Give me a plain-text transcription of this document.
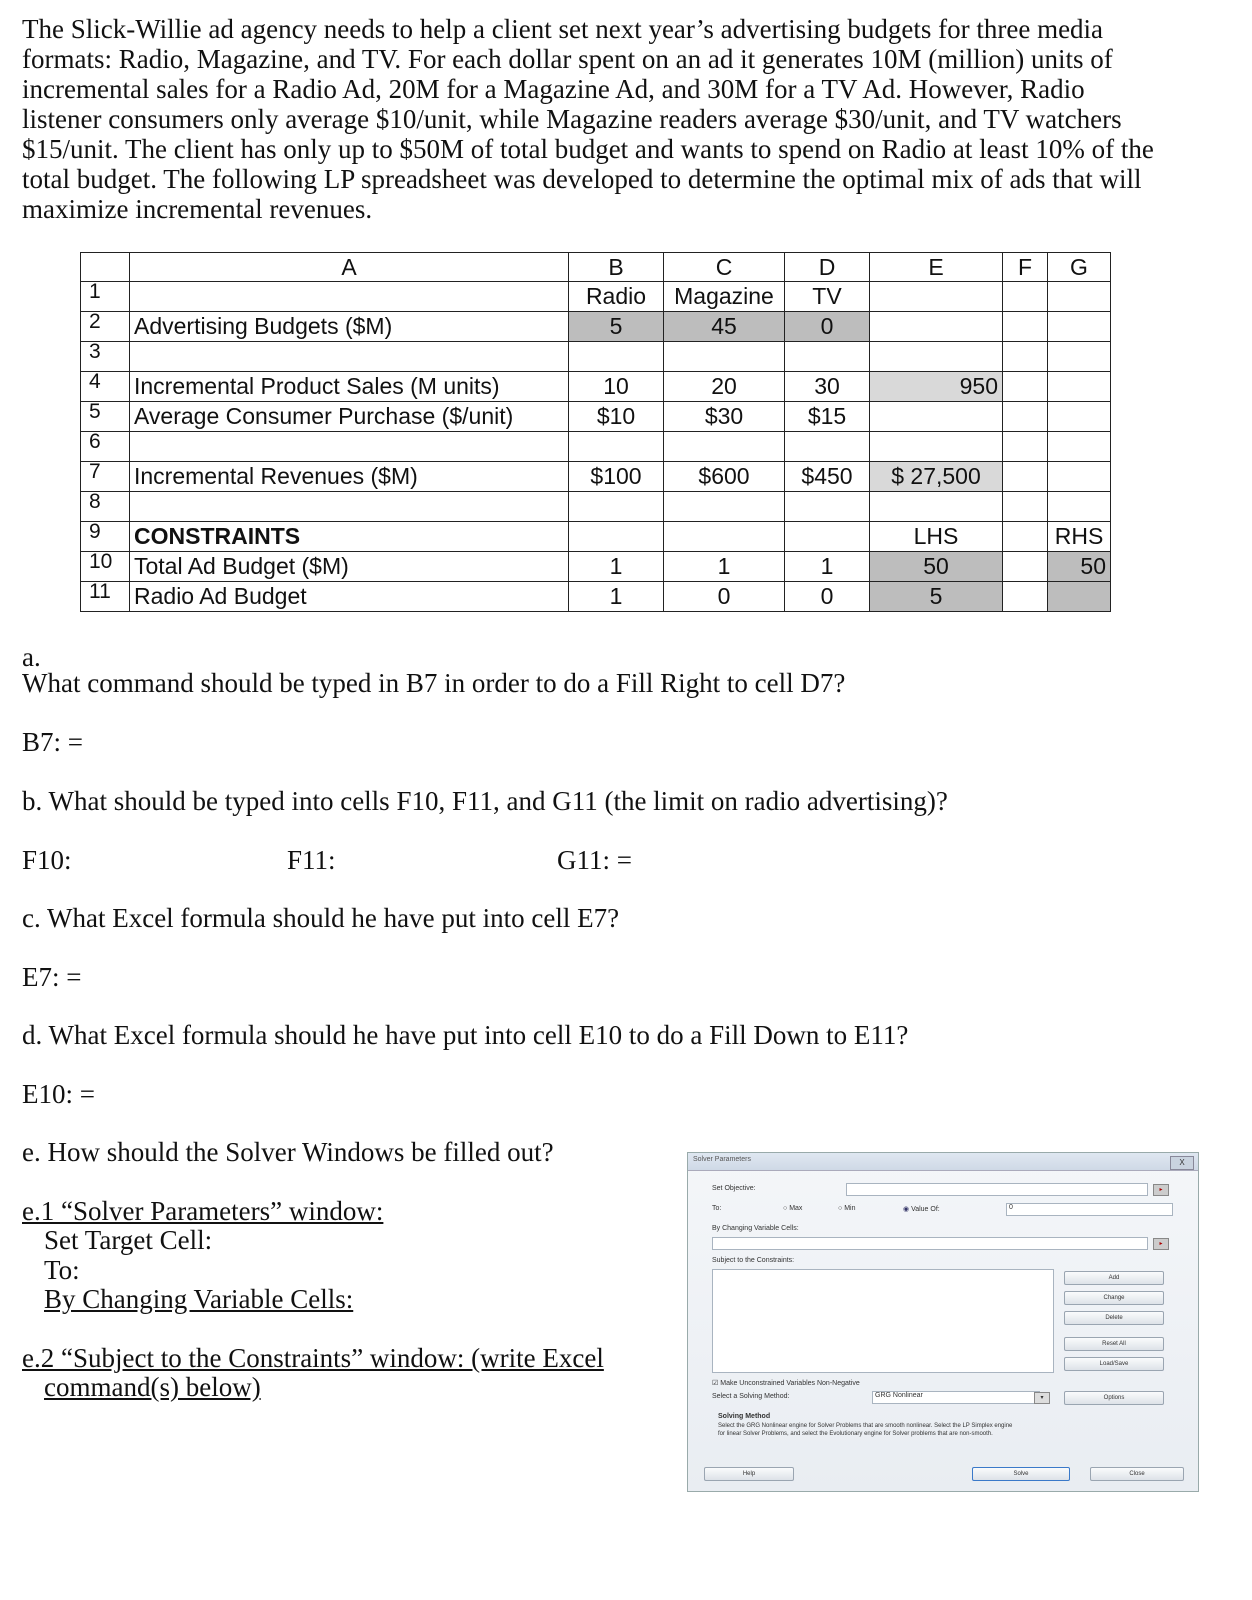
The Slick-Willie ad agency needs to help a client set next year’s advertising budgets for three media
formats: Radio, Magazine, and TV. For each dollar spent on an ad it generates 10M (million) units of
incremental sales for a Radio Ad, 20M for a Magazine Ad, and 30M for a TV Ad. However, Radio
listener consumers only average $10/unit, while Magazine readers average $30/unit, and TV watchers
$15/unit. The client has only up to $50M of total budget and wants to spend on Radio at least 10% of the
total budget. The following LP spreadsheet was developed to determine the optimal mix of ads that will
maximize incremental revenues.
	A	B	C	D	E	F	G
1		Radio	Magazine	TV			
2	Advertising Budgets ($M)	5	45	0			
3							
4	Incremental Product Sales (M units)	10	20	30	950		
5	Average Consumer Purchase ($/unit)	$10	$30	$15			
6							
7	Incremental Revenues ($M)	$100	$600	$450	$ 27,500		
8							
9	CONSTRAINTS				LHS		RHS
10	Total Ad Budget ($M)	1	1	1	50		50
11	Radio Ad Budget	1	0	0	5		
a.
What command should be typed in B7 in order to do a Fill Right to cell D7?
B7: =
b. What should be typed into cells F10, F11, and G11 (the limit on radio advertising)?
F10:	F11:	G11: =
c. What Excel formula should he have put into cell E7?
E7: =
d. What Excel formula should he have put into cell E10 to do a Fill Down to E11?
E10: =
e. How should the Solver Windows be filled out?
e.1 “Solver Parameters” window:
Set Target Cell:
To:
By Changing Variable Cells:
e.2 “Subject to the Constraints” window: (write Excel
command(s) below)
Solver Parameters	X
Set Objective:	▸
To:	○ Max	○ Min	◉ Value Of:	0
By Changing Variable Cells:
▸
Subject to the Constraints:
Add
Change
Delete
Reset All
Load/Save
☑ Make Unconstrained Variables Non-Negative
Select a Solving Method:	GRG Nonlinear	▾	Options
Solving Method
Select the GRG Nonlinear engine for Solver Problems that are smooth nonlinear. Select the LP Simplex engine
for linear Solver Problems, and select the Evolutionary engine for Solver problems that are non-smooth.
Help	Solve	Close
